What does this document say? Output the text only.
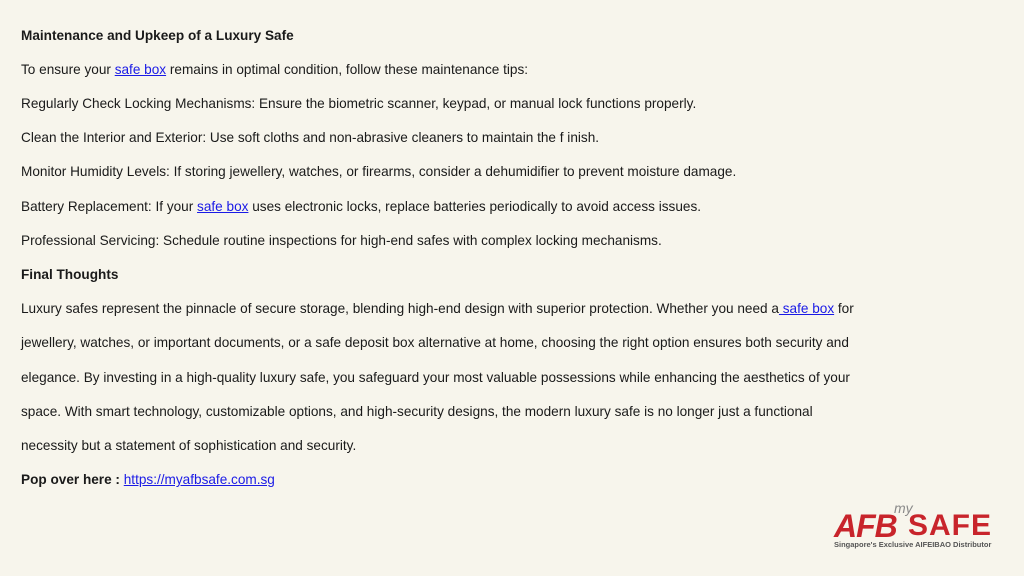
Maintenance and Upkeep of a Luxury Safe

To ensure your safe box remains in optimal condition, follow these maintenance tips:

Regularly Check Locking Mechanisms: Ensure the biometric scanner, keypad, or manual lock functions properly.

Clean the Interior and Exterior: Use soft cloths and non-abrasive cleaners to maintain the f inish.

Monitor Humidity Levels: If storing jewellery, watches, or firearms, consider a dehumidifier to prevent moisture damage.

Battery Replacement: If your safe box uses electronic locks, replace batteries periodically to avoid access issues.

Professional Servicing: Schedule routine inspections for high-end safes with complex locking mechanisms.

Final Thoughts

Luxury safes represent the pinnacle of secure storage, blending high-end design with superior protection. Whether you need a safe box for

jewellery, watches, or important documents, or a safe deposit box alternative at home, choosing the right option ensures both security and

elegance. By investing in a high-quality luxury safe, you safeguard your most valuable possessions while enhancing the aesthetics of your

space. With smart technology, customizable options, and high-security designs, the modern luxury safe is no longer just a functional

necessity but a statement of sophistication and security.

Pop over here : https://myafbsafe.com.sg

my
AFB SAFE
Singapore's Exclusive AIFEIBAO Distributor
